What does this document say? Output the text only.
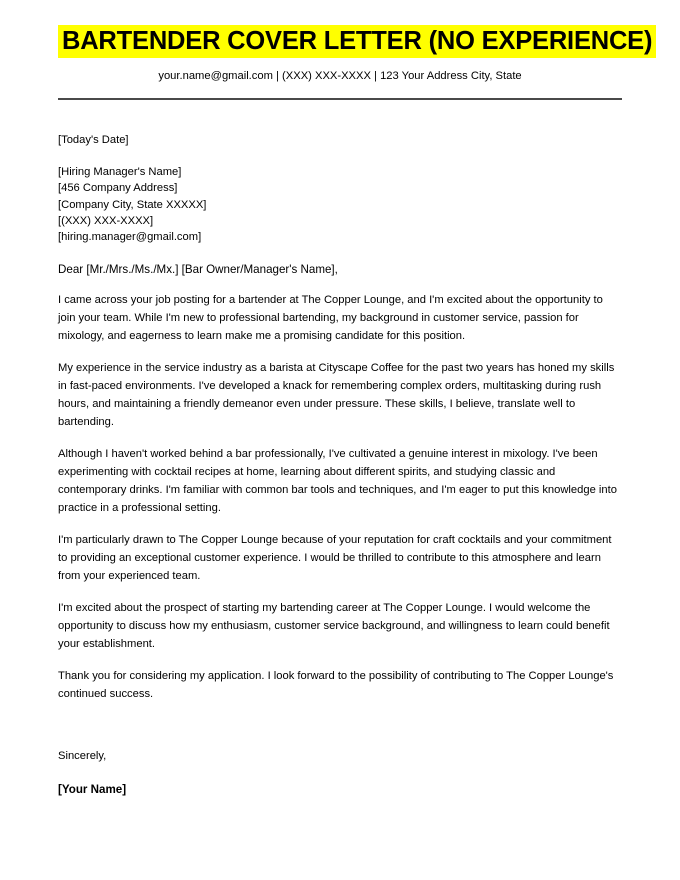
BARTENDER COVER LETTER (NO EXPERIENCE)
your.name@gmail.com | (XXX) XXX-XXXX | 123 Your Address City, State
[Today's Date]
[Hiring Manager's Name]
[456 Company Address]
[Company City, State XXXXX]
[(XXX) XXX-XXXX]
[hiring.manager@gmail.com]
Dear [Mr./Mrs./Ms./Mx.] [Bar Owner/Manager's Name],

I came across your job posting for a bartender at The Copper Lounge, and I'm excited about the opportunity to join your team. While I'm new to professional bartending, my background in customer service, passion for mixology, and eagerness to learn make me a promising candidate for this position.

My experience in the service industry as a barista at Cityscape Coffee for the past two years has honed my skills in fast-paced environments. I've developed a knack for remembering complex orders, multitasking during rush hours, and maintaining a friendly demeanor even under pressure. These skills, I believe, translate well to bartending.

Although I haven't worked behind a bar professionally, I've cultivated a genuine interest in mixology. I've been experimenting with cocktail recipes at home, learning about different spirits, and studying classic and contemporary drinks. I'm familiar with common bar tools and techniques, and I'm eager to put this knowledge into practice in a professional setting.

I'm particularly drawn to The Copper Lounge because of your reputation for craft cocktails and your commitment to providing an exceptional customer experience. I would be thrilled to contribute to this atmosphere and learn from your experienced team.

I'm excited about the prospect of starting my bartending career at The Copper Lounge. I would welcome the opportunity to discuss how my enthusiasm, customer service background, and willingness to learn could benefit your establishment.

Thank you for considering my application. I look forward to the possibility of contributing to The Copper Lounge's continued success.

Sincerely,

[Your Name]
